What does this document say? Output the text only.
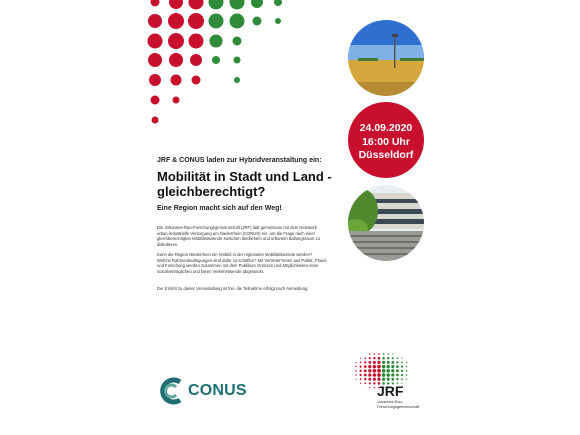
24.09.2020
16:00 Uhr
Düsseldorf
JRF & CONUS laden zur Hybridveranstaltung ein:
Mobilität in Stadt und Land - gleichberechtigt?
Eine Region macht sich auf den Weg!

Die Johannes-Rau-Forschungsgemeinschaft (JRF) lädt gemeinsam mit dem Netzwerk urban-industrielle Versorgung am Niederrhein (CONUS) ein, um die Frage nach einer gleichberechtigten Mobilitätswende zwischen ländlichem und urbanem Ballungsraum zu diskutieren.

Kann die Region Niederrhein ein Vorbild in der regionalen Mobilitätswende werden? Welche Rahmenbedingungen sind dafür zu schaffen? Mit Vertreter*innen aus Politik, Praxis und Forschung werden zusammen mit dem Publikum Grenzen und Möglichkeiten einer sozialverträglichen und fairen Verkehrswende abgesteckt.

Der Eintritt zu dieser Veranstaltung ist frei, die Teilnahme erfolgt nach Anmeldung.

CONUS	JRF
Johannes-Rau-
Forschungsgemeinschaft
